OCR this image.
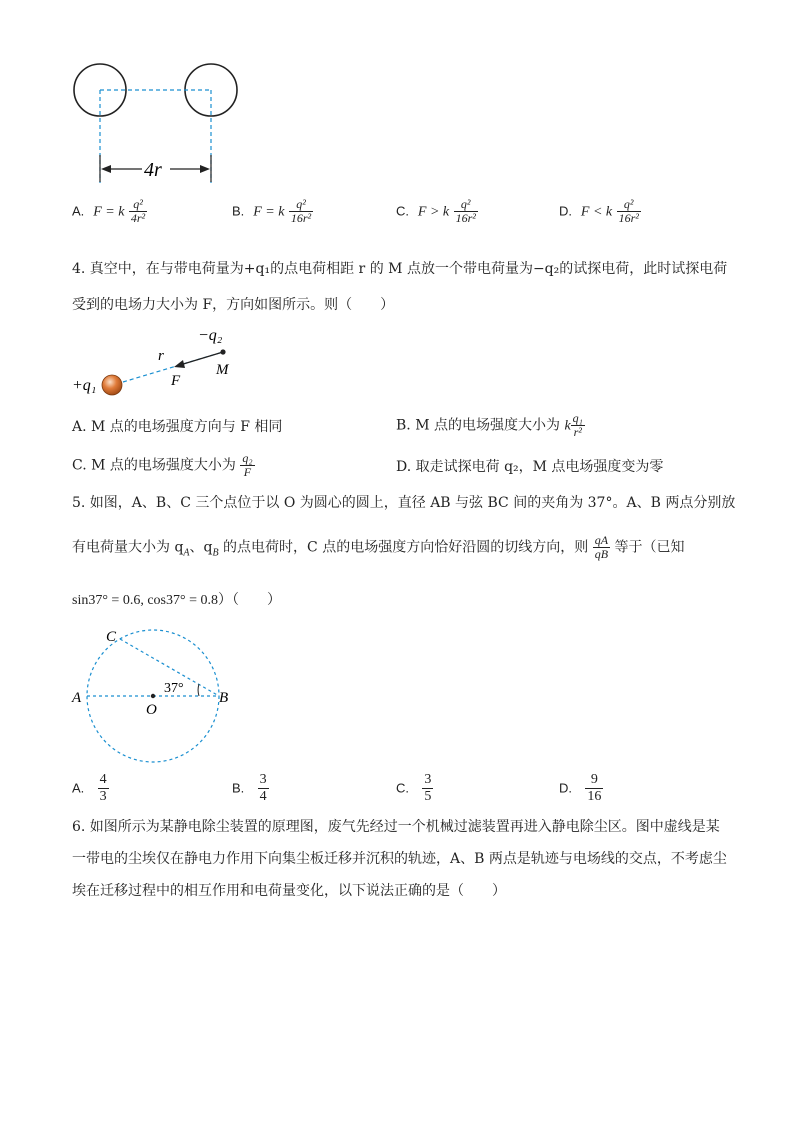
4r
A. F = k $\frac{\text{q²}}{\text{4r²}}$	B. F = k $\frac{\text{q²}}{\text{16r²}}$	C. F > k $\frac{\text{q²}}{\text{16r²}}$	D. F < k $\frac{\text{q²}}{\text{16r²}}$
4. 真空中，在与带电荷量为+q₁的点电荷相距 r 的 M 点放一个带电荷量为−q₂的试探电荷，此时试探电荷
受到的电场力大小为 F，方向如图所示。则（　　）
−q₂
+q₁
r
F
M
A. M 点的电场强度方向与 F 相同	B. M 点的电场强度大小为 k $\frac{\text{q₁}}{\text{r²}}$
C. M 点的电场强度大小为 $\frac{\text{q₂}}{F}$	D. 取走试探电荷 q₂，M 点电场强度变为零
5. 如图，A、B、C 三个点位于以 O 为圆心的圆上，直径 AB 与弦 BC 间的夹角为 37°。A、B 两点分别放
有电荷量大小为 $q_A$、$q_B$ 的点电荷时，C 点的电场强度方向恰好沿圆的切线方向，则 $\frac{qA}{qB}$ 等于（已知
sin37° = 0.6, cos37° = 0.8）（　　）
37°
C
A
O
B
A. $\frac{4}{3}$	B. $\frac{3}{4}$	C. $\frac{3}{5}$	D. $\frac{9}{16}$
6. 如图所示为某静电除尘装置的原理图，废气先经过一个机械过滤装置再进入静电除尘区。图中虚线是某
一带电的尘埃仅在静电力作用下向集尘板迁移并沉积的轨迹，A、B 两点是轨迹与电场线的交点，不考虑尘
埃在迁移过程中的相互作用和电荷量变化，以下说法正确的是（　　）
